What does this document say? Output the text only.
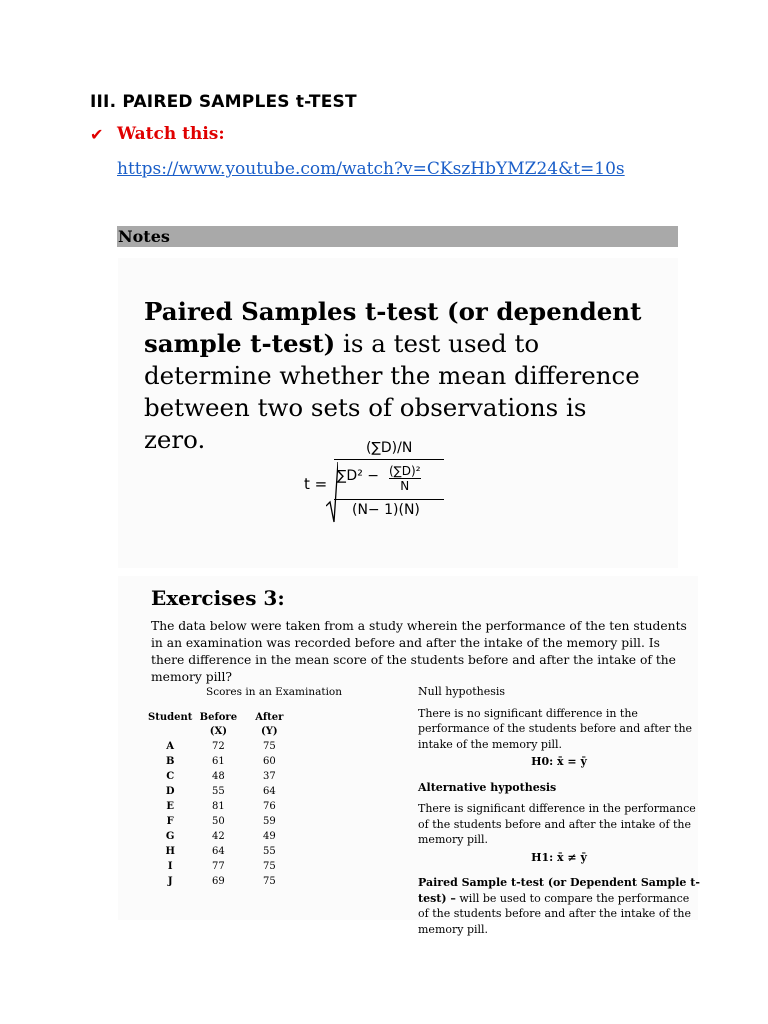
III. PAIRED SAMPLES t-TEST
✔ Watch this:
https://www.youtube.com/watch?v=CKszHbYMZ24&t=10s
Notes
Paired Samples t-test (or dependent sample t-test) is a test used to determine whether the mean difference between two sets of observations is zero.
t =
(∑D)/N
$\sum D^2 - \frac{\text{(∑D)²}}{N}$
(N− 1)(N)
Exercises 3:
The data below were taken from a study wherein the performance of the ten students in an examination was recorded before and after the intake of the memory pill. Is there difference in the mean score of the students before and after the intake of the memory pill?
Scores in an Examination
Student	Before	After
	(X)	(Y)
A	72	75
B	61	60
C	48	37
D	55	64
E	81	76
F	50	59
G	42	49
H	64	55
I	77	75
J	69	75
Null hypothesis

There is no significant difference in the performance of the students before and after the intake of the memory pill.

H0: x̄ = ȳ
Alternative hypothesis

There is significant difference in the performance of the students before and after the intake of the memory pill.

H1: x̄ ≠ ȳ

Paired Sample t-test (or Dependent Sample t-test) – will be used to compare the performance of the students before and after the intake of the memory pill.
